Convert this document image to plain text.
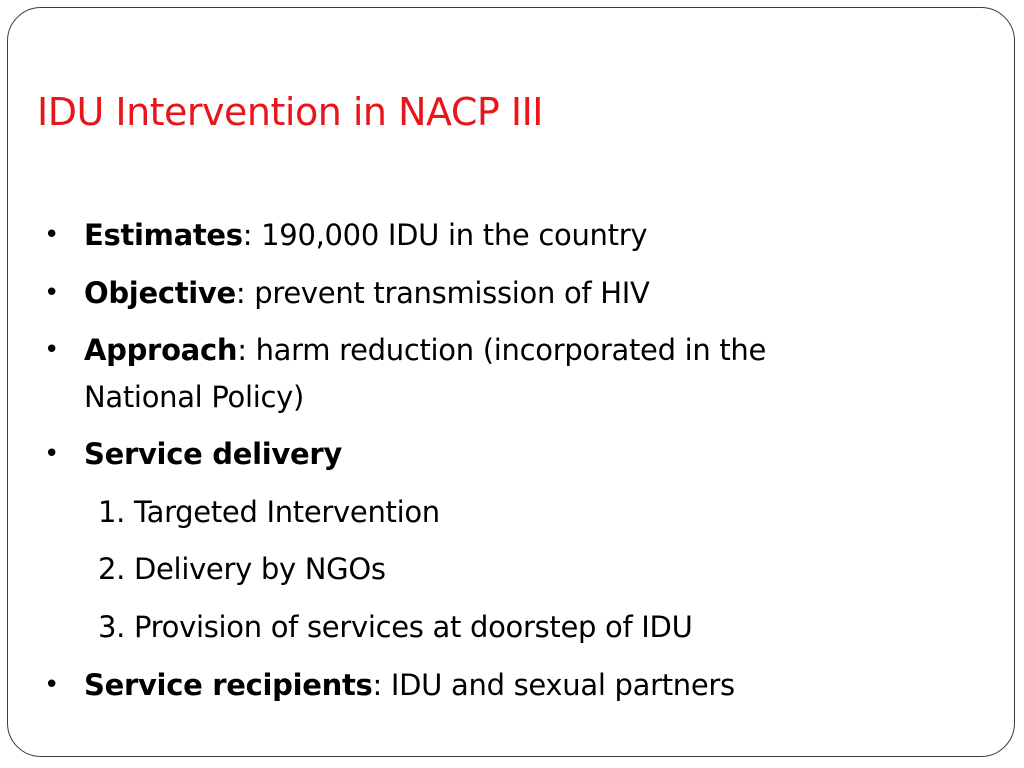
IDU Intervention in NACP III
• Estimates: 190,000 IDU in the country
• Objective: prevent transmission of HIV
• Approach: harm reduction (incorporated in the
National Policy)
• Service delivery
1. Targeted Intervention
2. Delivery by NGOs
3. Provision of services at doorstep of IDU
• Service recipients: IDU and sexual partners
